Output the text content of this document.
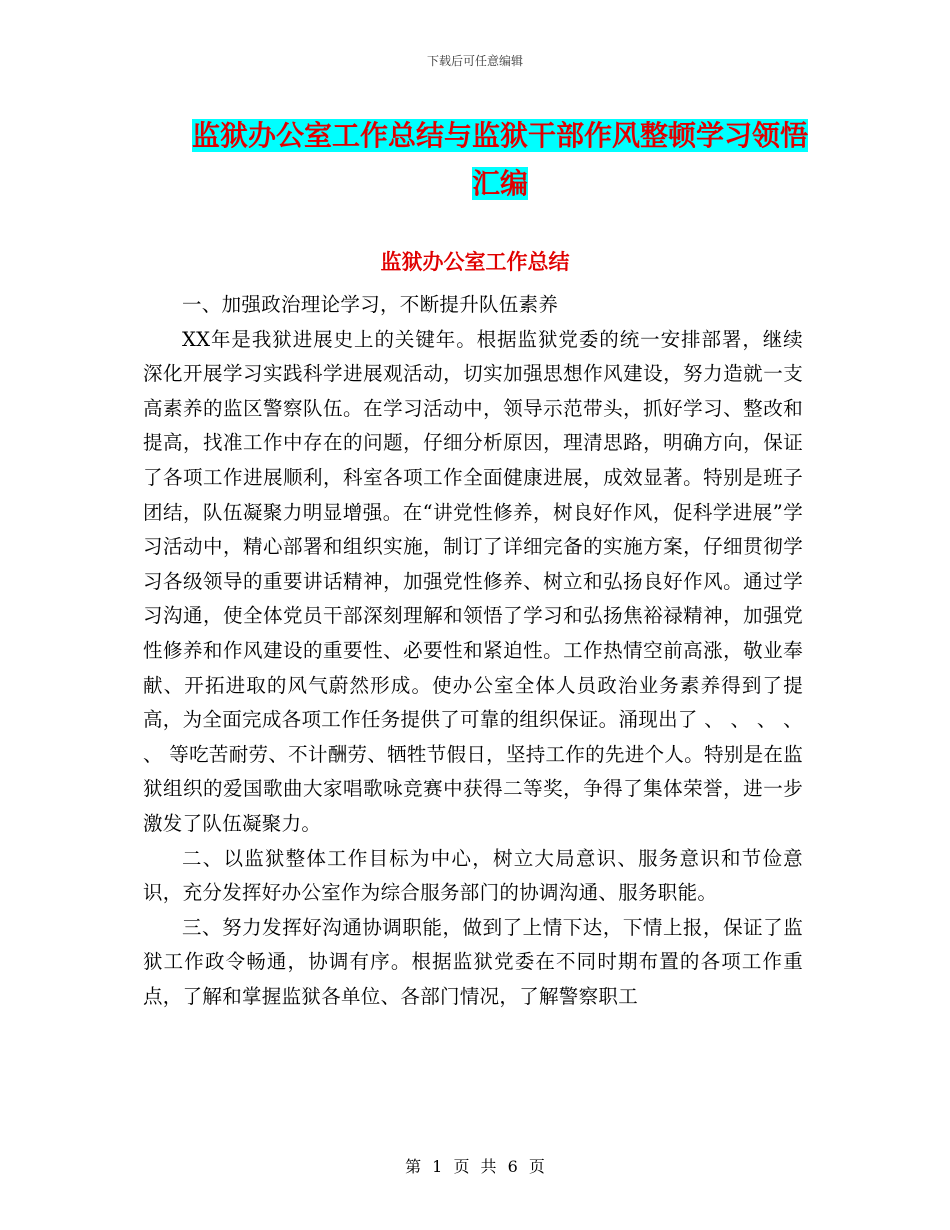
下载后可任意编辑
监狱办公室工作总结与监狱干部作风整顿学习领悟汇编
监狱办公室工作总结

一、加强政治理论学习，不断提升队伍素养

XX年是我狱进展史上的关键年。根据监狱党委的统一安排部署，继续深化开展学习实践科学进展观活动，切实加强思想作风建设，努力造就一支高素养的监区警察队伍。在学习活动中，领导示范带头，抓好学习、整改和提高，找准工作中存在的问题，仔细分析原因，理清思路，明确方向，保证了各项工作进展顺利，科室各项工作全面健康进展，成效显著。特别是班子团结，队伍凝聚力明显增强。在“讲党性修养，树良好作风，促科学进展”学习活动中，精心部署和组织实施，制订了详细完备的实施方案，仔细贯彻学习各级领导的重要讲话精神，加强党性修养、树立和弘扬良好作风。通过学习沟通，使全体党员干部深刻理解和领悟了学习和弘扬焦裕禄精神，加强党性修养和作风建设的重要性、必要性和紧迫性。工作热情空前高涨，敬业奉献、开拓进取的风气蔚然形成。使办公室全体人员政治业务素养得到了提高，为全面完成各项工作任务提供了可靠的组织保证。涌现出了 、 、 、 、 、 等吃苦耐劳、不计酬劳、牺牲节假日，坚持工作的先进个人。特别是在监狱组织的爱国歌曲大家唱歌咏竞赛中获得二等奖，争得了集体荣誉，进一步激发了队伍凝聚力。

二、以监狱整体工作目标为中心，树立大局意识、服务意识和节俭意识，充分发挥好办公室作为综合服务部门的协调沟通、服务职能。

三、努力发挥好沟通协调职能，做到了上情下达，下情上报，保证了监狱工作政令畅通，协调有序。根据监狱党委在不同时期布置的各项工作重点，了解和掌握监狱各单位、各部门情况，了解警察职工

第 1 页 共 6 页
